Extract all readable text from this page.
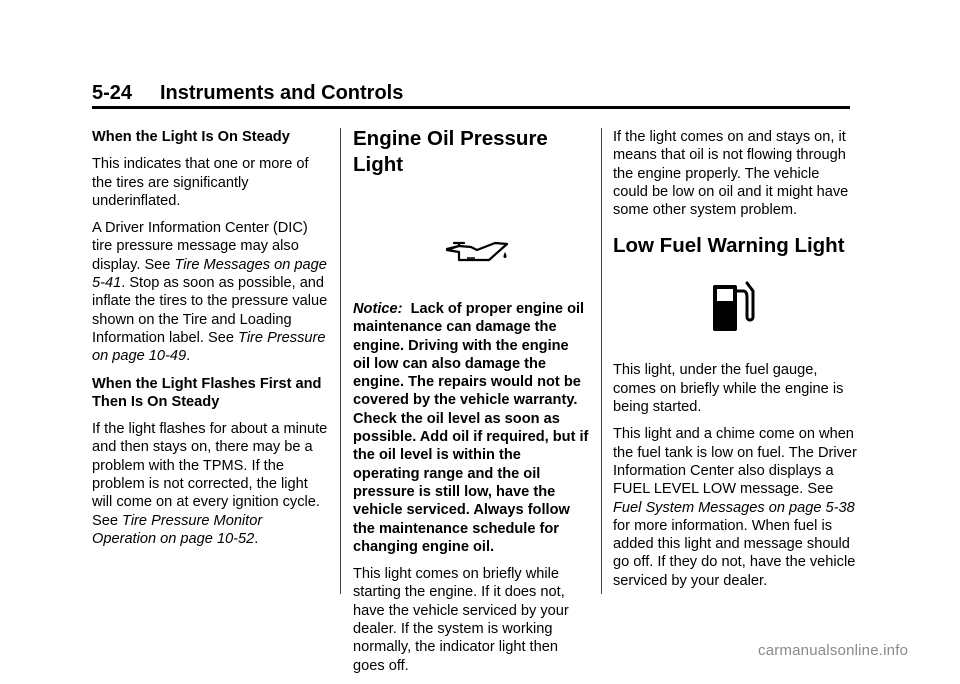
5-24 Instruments and Controls

When the Light Is On Steady

This indicates that one or more of the tires are significantly underinflated.

A Driver Information Center (DIC) tire pressure message may also display. See Tire Messages on page 5-41. Stop as soon as possible, and inflate the tires to the pressure value shown on the Tire and Loading Information label. See Tire Pressure on page 10-49.

When the Light Flashes First and Then Is On Steady

If the light flashes for about a minute and then stays on, there may be a problem with the TPMS. If the problem is not corrected, the light will come on at every ignition cycle. See Tire Pressure Monitor Operation on page 10-52.

Engine Oil Pressure Light

Notice: Lack of proper engine oil maintenance can damage the engine. Driving with the engine oil low can also damage the engine. The repairs would not be covered by the vehicle warranty. Check the oil level as soon as possible. Add oil if required, but if the oil level is within the operating range and the oil pressure is still low, have the vehicle serviced. Always follow the maintenance schedule for changing engine oil.

This light comes on briefly while starting the engine. If it does not, have the vehicle serviced by your dealer. If the system is working normally, the indicator light then goes off.

If the light comes on and stays on, it means that oil is not flowing through the engine properly. The vehicle could be low on oil and it might have some other system problem.

Low Fuel Warning Light

This light, under the fuel gauge, comes on briefly while the engine is being started.

This light and a chime come on when the fuel tank is low on fuel. The Driver Information Center also displays a FUEL LEVEL LOW message. See Fuel System Messages on page 5-38 for more information. When fuel is added this light and message should go off. If they do not, have the vehicle serviced by your dealer.

carmanualsonline.info
